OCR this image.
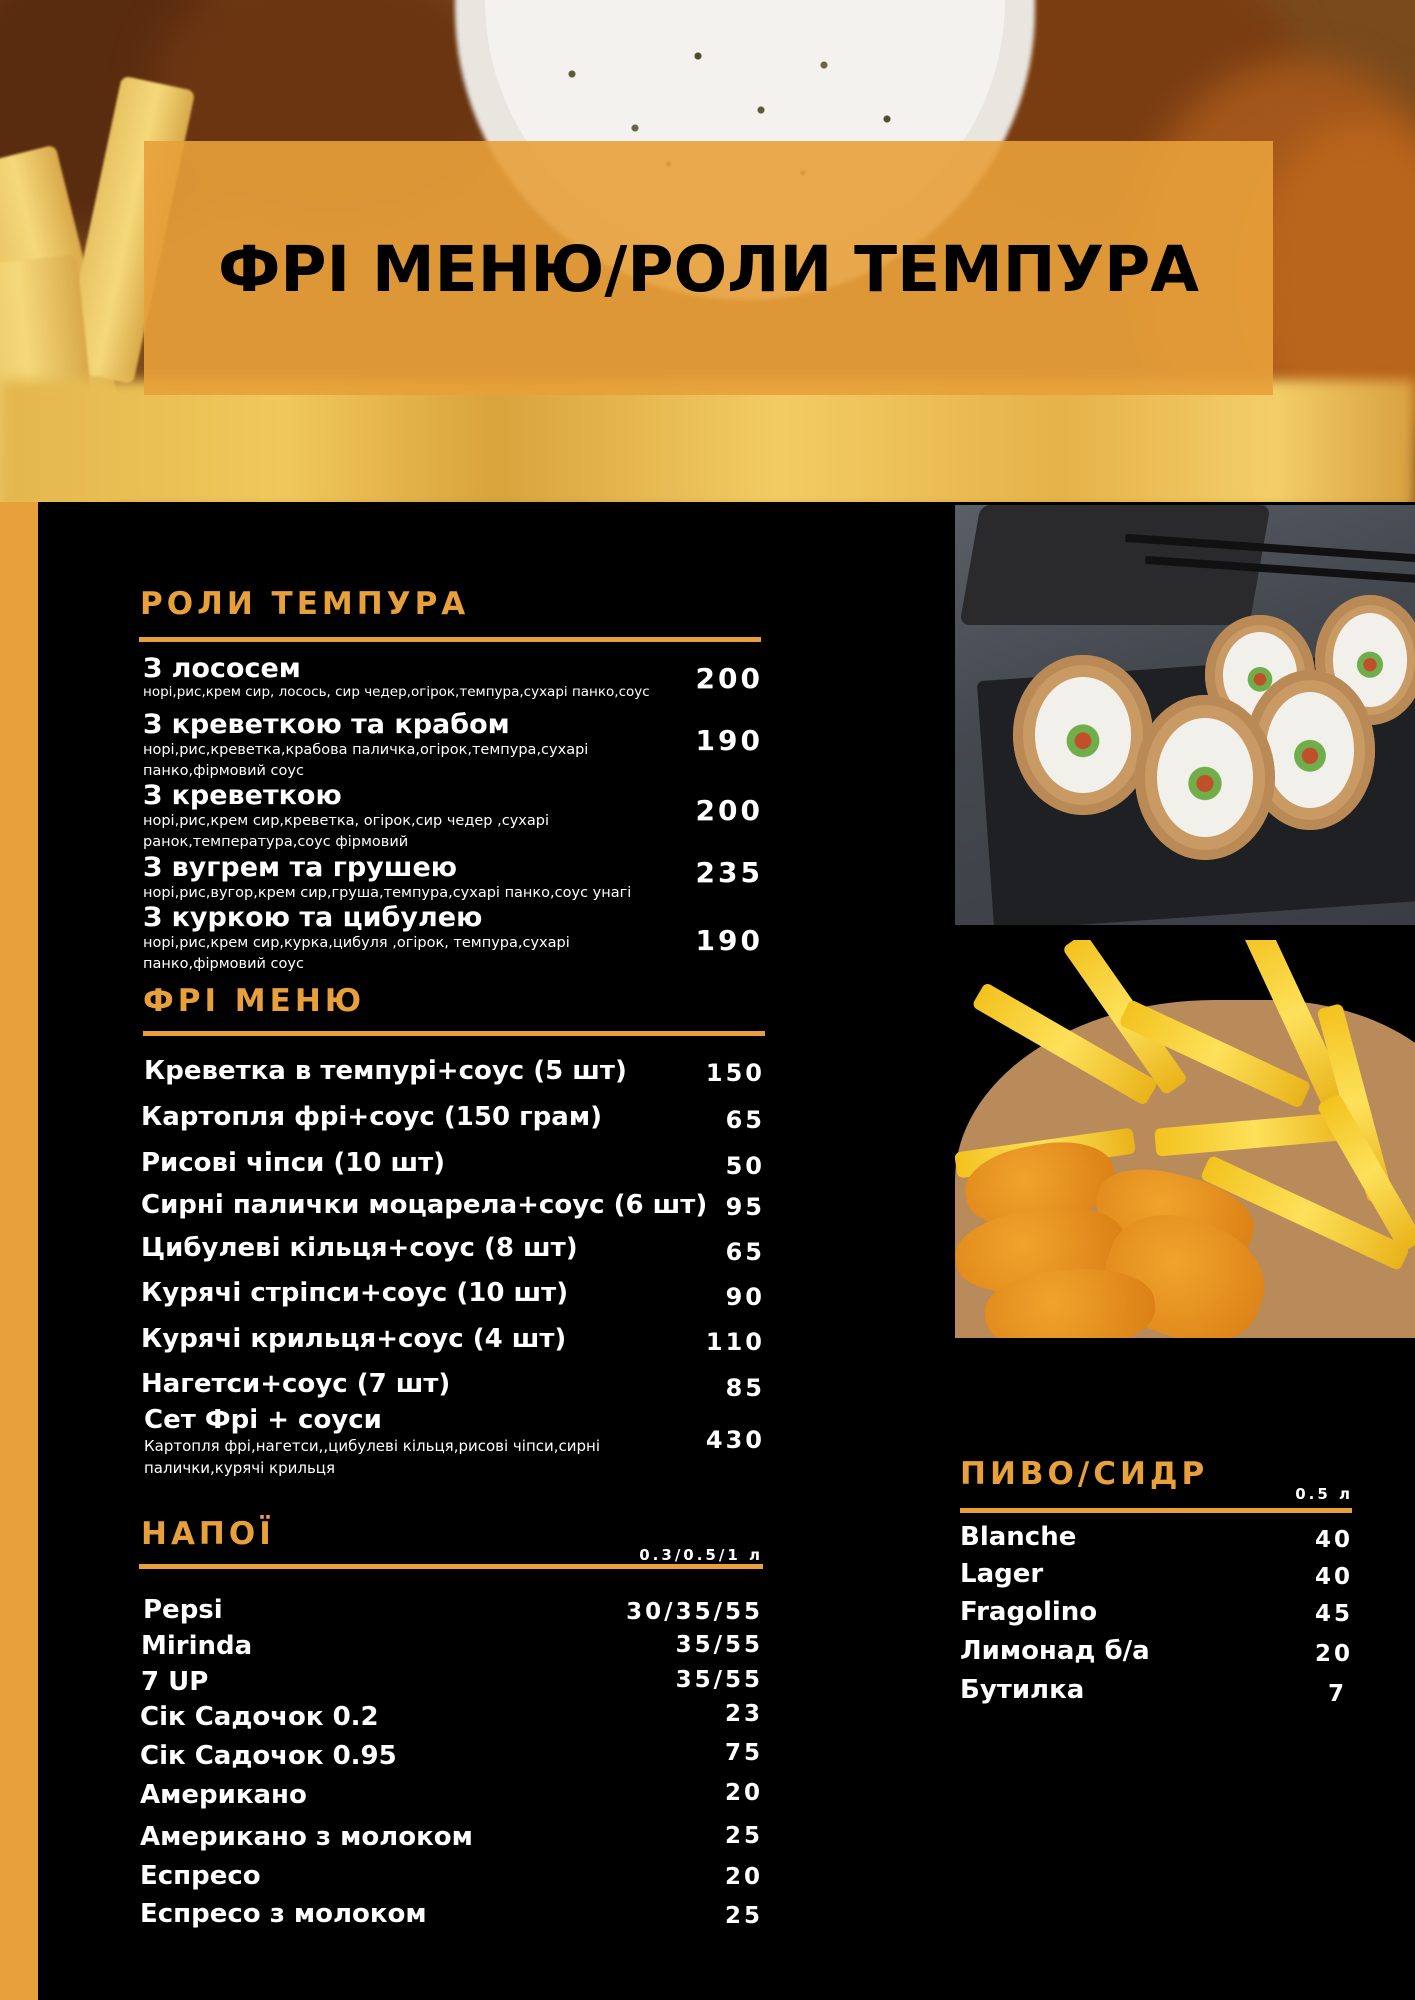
ФРІ МЕНЮ/РОЛИ ТЕМПУРА
РОЛИ ТЕМПУРА
З лососем
норі,рис,крем сир, лосось, сир чедер,огірок,темпура,сухарі панко,соус	200
З креветкою та крабом
норі,рис,креветка,крабова паличка,огірок,темпура,сухарі панко,фірмовий соус
190
З креветкою
норі,рис,крем сир,креветка, огірок,сир чедер ,сухарі ранок,температура,соус фірмовий
200
З вугрем та грушею
норі,рис,вугор,крем сир,груша,темпура,сухарі панко,соус унагі
235
З куркою та цибулею
норі,рис,крем сир,курка,цибуля ,огірок, темпура,сухарі панко,фірмовий соус
190
ФРІ МЕНЮ
Креветка в темпурі+соус (5 шт)	150
Картопля фрі+соус (150 грам)	65
Рисові чіпси (10 шт)	50
Сирні палички моцарела+соус (6 шт) 95
Цибулеві кільця+соус (8 шт)	65
Курячі стріпси+соус (10 шт)	90
Курячі крильця+соус (4 шт)	110
Нагетси+соус (7 шт)	85
Сет Фрі + соуси
Картопля фрі,нагетси,,цибулеві кільця,рисові чіпси,сирні палички,курячі крильця
430
НАПОЇ
0.3/0.5/1 л
Pepsi	30/35/55
Mirinda	35/55
7 UP	35/55
Сік Садочок 0.2	23
Сік Садочок 0.95	75
Американо	20
Американо з молоком	25
Еспресо	20
Еспресо з молоком	25
ПИВО/СИДР
0.5 л
Blanche	40
Lager	40
Fragolino	45
Лимонад б/а	20
Бутилка	7
